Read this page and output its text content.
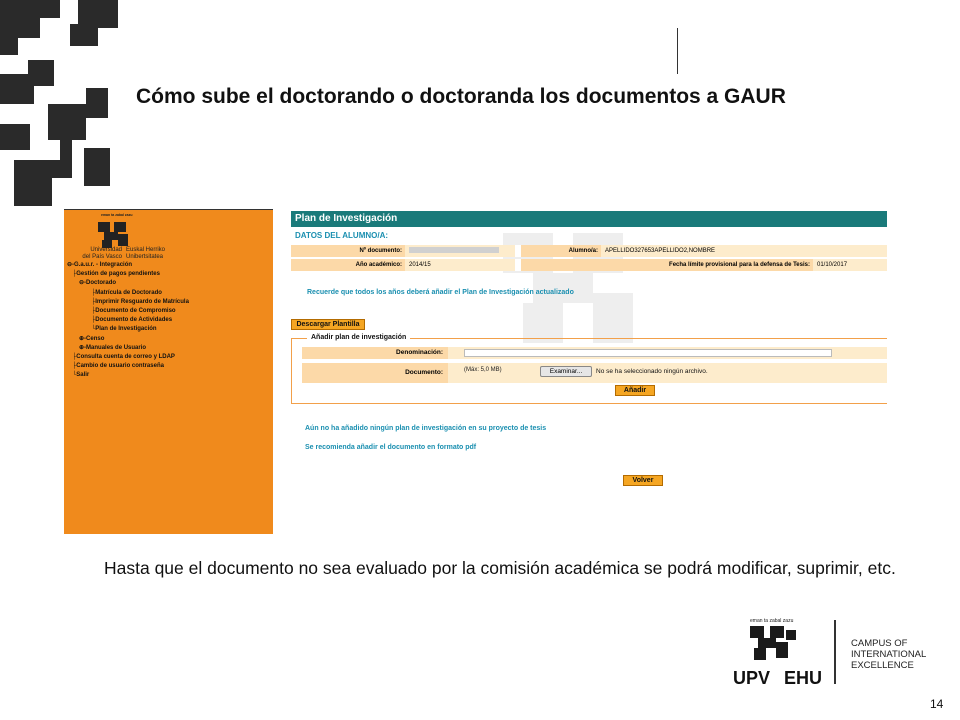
Cómo sube el doctorando o doctoranda los documentos a GAUR
eman ta zabal zazu
Universidad
del País Vasco
Euskal Herriko
Unibertsitatea
⊖-G.a.u.r. - Integración
├Gestión de pagos pendientes
⊖-Doctorado
├Matrícula de Doctorado
├Imprimir Resguardo de Matrícula
├Documento de Compromiso
├Documento de Actividades
└Plan de Investigación
⊕-Censo
⊕-Manuales de Usuario
├Consulta cuenta de correo y LDAP
├Cambio de usuario contraseña
└Salir
Plan de Investigación
DATOS DEL ALUMNO/A:
Nº documento:	Alumno/a:	APELLIDO327653APELLIDO2,NOMBRE
Año académico:	2014/15	Fecha límite provisional para la defensa de Tesis:	01/10/2017
Recuerde que todos los años deberá añadir el Plan de Investigación actualizado
Descargar Plantilla
Añadir plan de investigación
Denominación:
Documento:	(Máx: 5,0 MB)	Examinar...	No se ha seleccionado ningún archivo.
Añadir
Aún no ha añadido ningún plan de investigación en su proyecto de tesis
Se recomienda añadir el documento en formato pdf
Volver
Hasta que el documento no sea evaluado por la comisión académica se podrá modificar, suprimir, etc.
eman ta zabal zazu
UPV EHU
CAMPUS OF
INTERNATIONAL
EXCELLENCE
14
